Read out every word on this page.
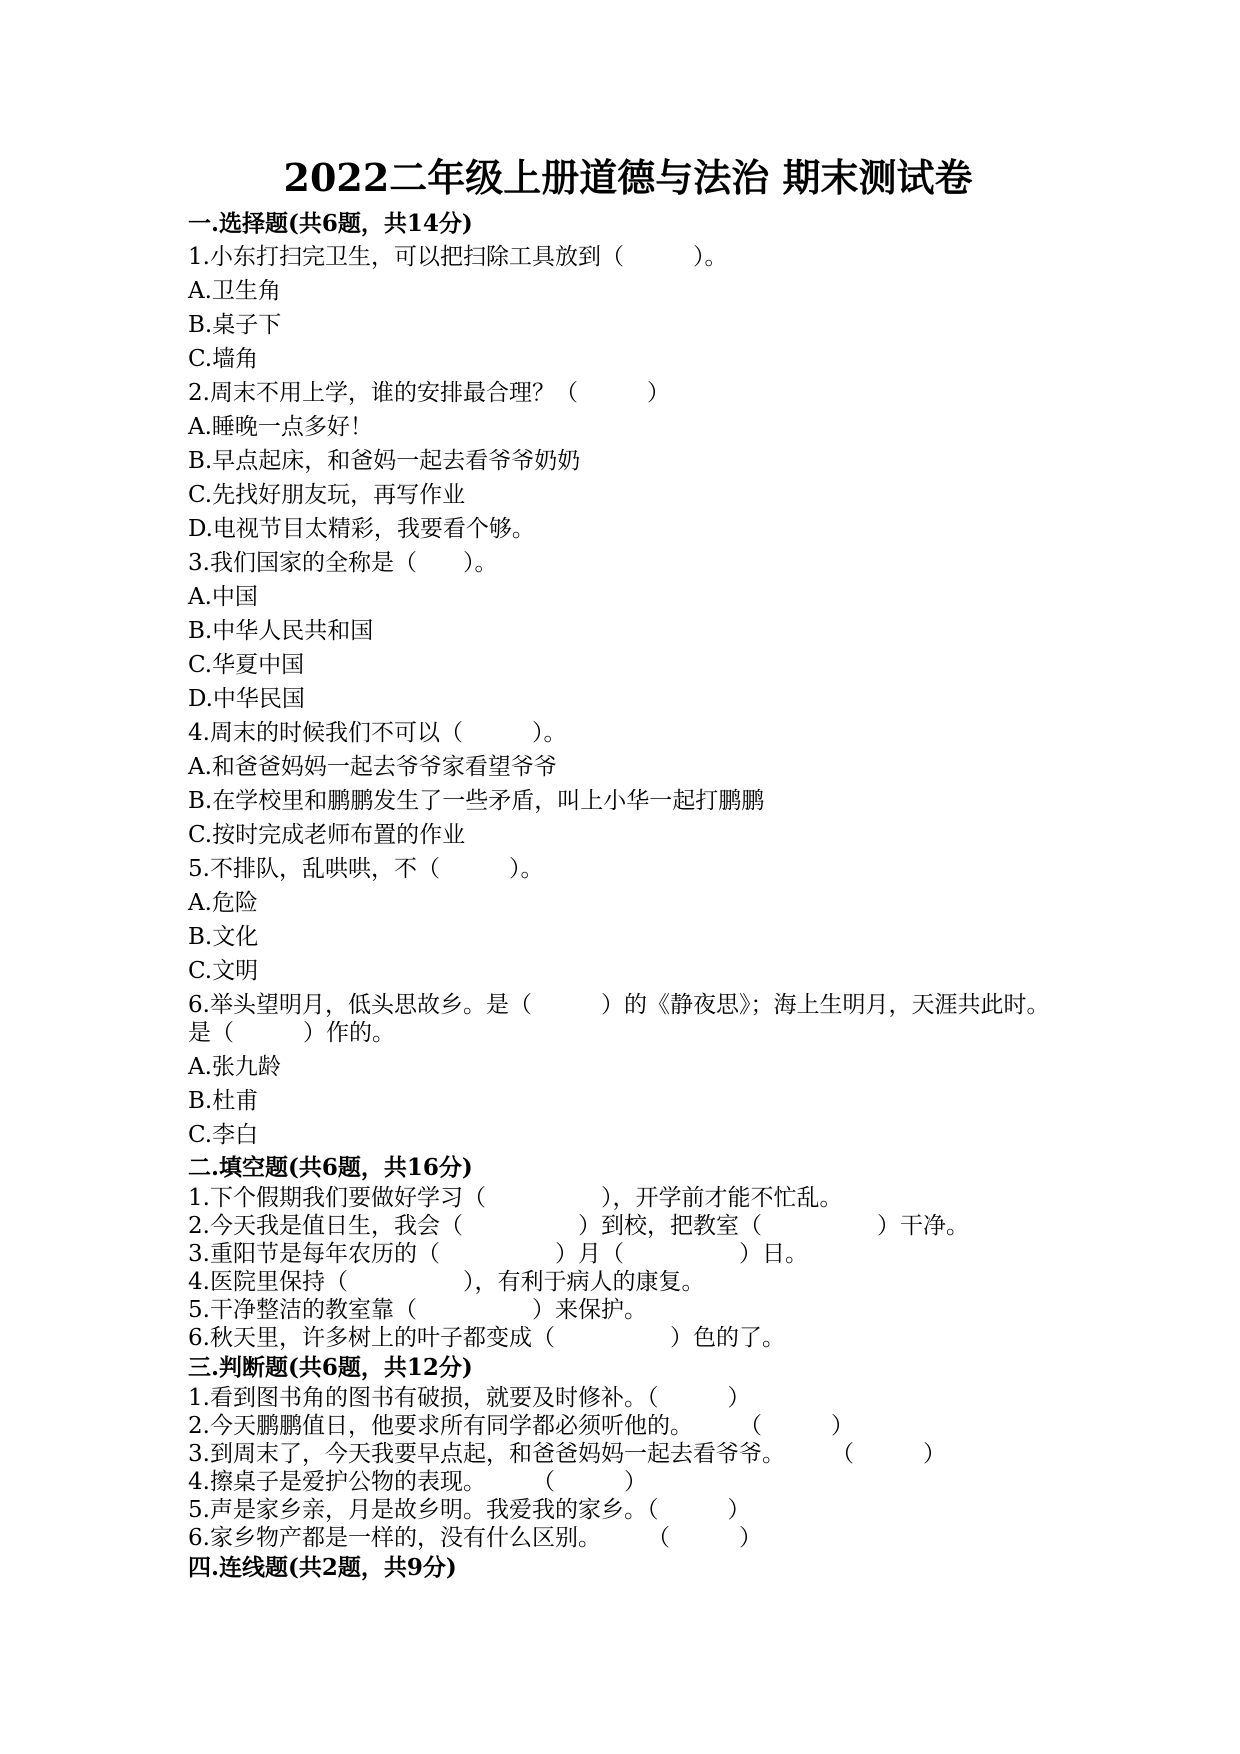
2022二年级上册道德与法治 期末测试卷
一.选择题(共6题，共14分)
1.小东打扫完卫生，可以把扫除工具放到（　　　）。
A.卫生角
B.桌子下
C.墙角
2.周末不用上学，谁的安排最合理？（　　　）
A.睡晚一点多好！
B.早点起床，和爸妈一起去看爷爷奶奶
C.先找好朋友玩，再写作业
D.电视节目太精彩，我要看个够。
3.我们国家的全称是（　　）。
A.中国
B.中华人民共和国
C.华夏中国
D.中华民国
4.周末的时候我们不可以（　　　）。
A.和爸爸妈妈一起去爷爷家看望爷爷
B.在学校里和鹏鹏发生了一些矛盾，叫上小华一起打鹏鹏
C.按时完成老师布置的作业
5.不排队，乱哄哄，不（　　　）。
A.危险
B.文化
C.文明
6.举头望明月，低头思故乡。是（　　　）的《静夜思》；海上生明月，天涯共此时。是（　　　）作的。
A.张九龄
B.杜甫
C.李白
二.填空题(共6题，共16分)
1.下个假期我们要做好学习（　　　　　），开学前才能不忙乱。
2.今天我是值日生，我会（　　　　　）到校，把教室（　　　　　）干净。
3.重阳节是每年农历的（　　　　　）月（　　　　　）日。
4.医院里保持（　　　　　），有利于病人的康复。
5.干净整洁的教室靠（　　　　　）来保护。
6.秋天里，许多树上的叶子都变成（　　　　　）色的了。
三.判断题(共6题，共12分)
1.看到图书角的图书有破损，就要及时修补。（　　　）
2.今天鹏鹏值日，他要求所有同学都必须听他的。　　　（　　　）
3.到周末了，今天我要早点起，和爸爸妈妈一起去看爷爷。　　　（　　　）
4.擦桌子是爱护公物的表现。　　　（　　　）
5.声是家乡亲，月是故乡明。我爱我的家乡。（　　　）
6.家乡物产都是一样的，没有什么区别。　　　（　　　）
四.连线题(共2题，共9分)
